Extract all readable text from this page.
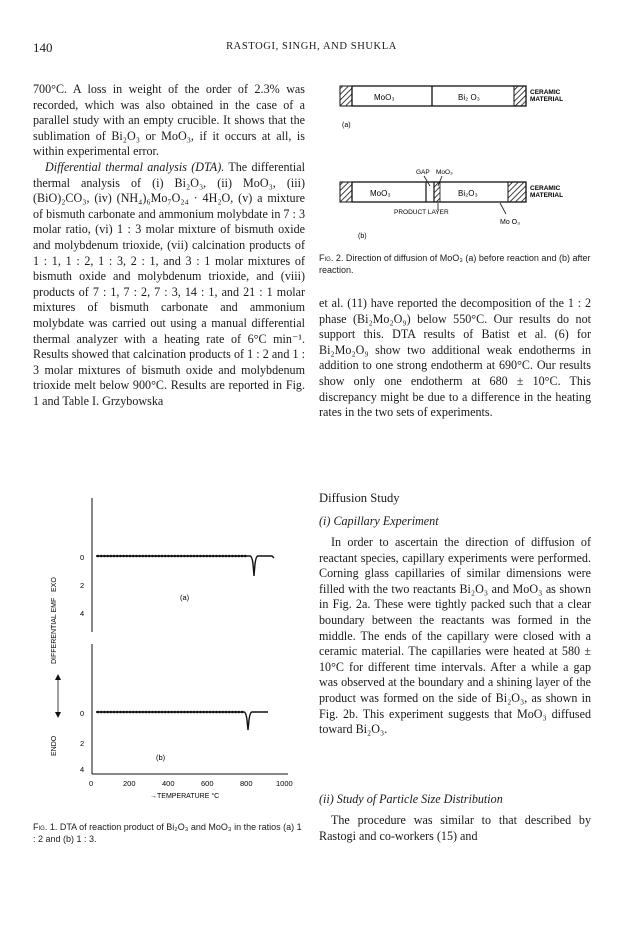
140	RASTOGI, SINGH, AND SHUKLA

700°C. A loss in weight of the order of 2.3% was recorded, which was also obtained in the case of a parallel study with an empty crucible. It shows that the sublimation of Bi₂O₃ or MoO₃, if it occurs at all, is within experimental error.

Differential thermal analysis (DTA). The differential thermal analysis of (i) Bi₂O₃, (ii) MoO₃, (iii) (BiO)₂CO₃, (iv) (NH₄)₆Mo₇O₂₄ · 4H₂O, (v) a mixture of bismuth carbonate and ammonium molybdate in 7 : 3 molar ratio, (vi) 1 : 3 molar mixture of bismuth oxide and molybdenum trioxide, (vii) calcination products of 1 : 1, 1 : 2, 1 : 3, 2 : 1, and 3 : 1 molar mixtures of bismuth oxide and molybdenum trioxide, and (viii) products of 7 : 1, 7 : 2, 7 : 3, 14 : 1, and 21 : 1 molar mixtures of bismuth carbonate and ammonium molybdate was carried out using a manual differential thermal analyzer with a heating rate of 6°C min⁻¹. Results showed that calcination products of 1 : 2 and 1 : 3 molar mixtures of bismuth oxide and molybdenum trioxide melt below 900°C. Results are reported in Fig. 1 and Table I. Grzybowska

MoO₃	Bi₂ O₃
CERAMIC
MATERIAL
(a)
GAP MoO₃
MoO₃	Bi₂O₃
CERAMIC
MATERIAL
PRODUCT LAYER
Mo O₃
(b)
Fig. 2. Direction of diffusion of MoO₃ (a) before reaction and (b) after reaction.

et al. (11) have reported the decomposition of the 1 : 2 phase (Bi₂Mo₂O₉) below 550°C. Our results do not support this. DTA results of Batist et al. (6) for Bi₂Mo₂O₉ show two additional weak endotherms in addition to one strong endotherm at 690°C. Our results show only one endotherm at 680 ± 10°C. This discrepancy might be due to a difference in the heating rates in the two sets of experiments.

Diffusion Study
(i) Capillary Experiment

In order to ascertain the direction of diffusion of reactant species, capillary experiments were performed. Corning glass capillaries of similar dimensions were filled with the two reactants Bi₂O₃ and MoO₃ as shown in Fig. 2a. These were tightly packed such that a clear boundary between the reactants was formed in the middle. The ends of the capillary were closed with a ceramic material. The capillaries were heated at 580 ± 10°C for different time intervals. After a while a gap was observed at the boundary and a shining layer of the product was formed on the side of Bi₂O₃, as shown in Fig. 2b. This experiment suggests that MoO₃ diffused toward Bi₂O₃.

(ii) Study of Particle Size Distribution

The procedure was similar to that described by Rastogi and co-workers (15) and

DIFFERENTIAL EMF
ENDO
EXO
0
2
4
0
2
4
0	200	400	600	800	1000
→TEMPERATURE °C
(a)
(b)
Fig. 1. DTA of reaction product of Bi₂O₃ and MoO₃ in the ratios (a) 1 : 2 and (b) 1 : 3.
